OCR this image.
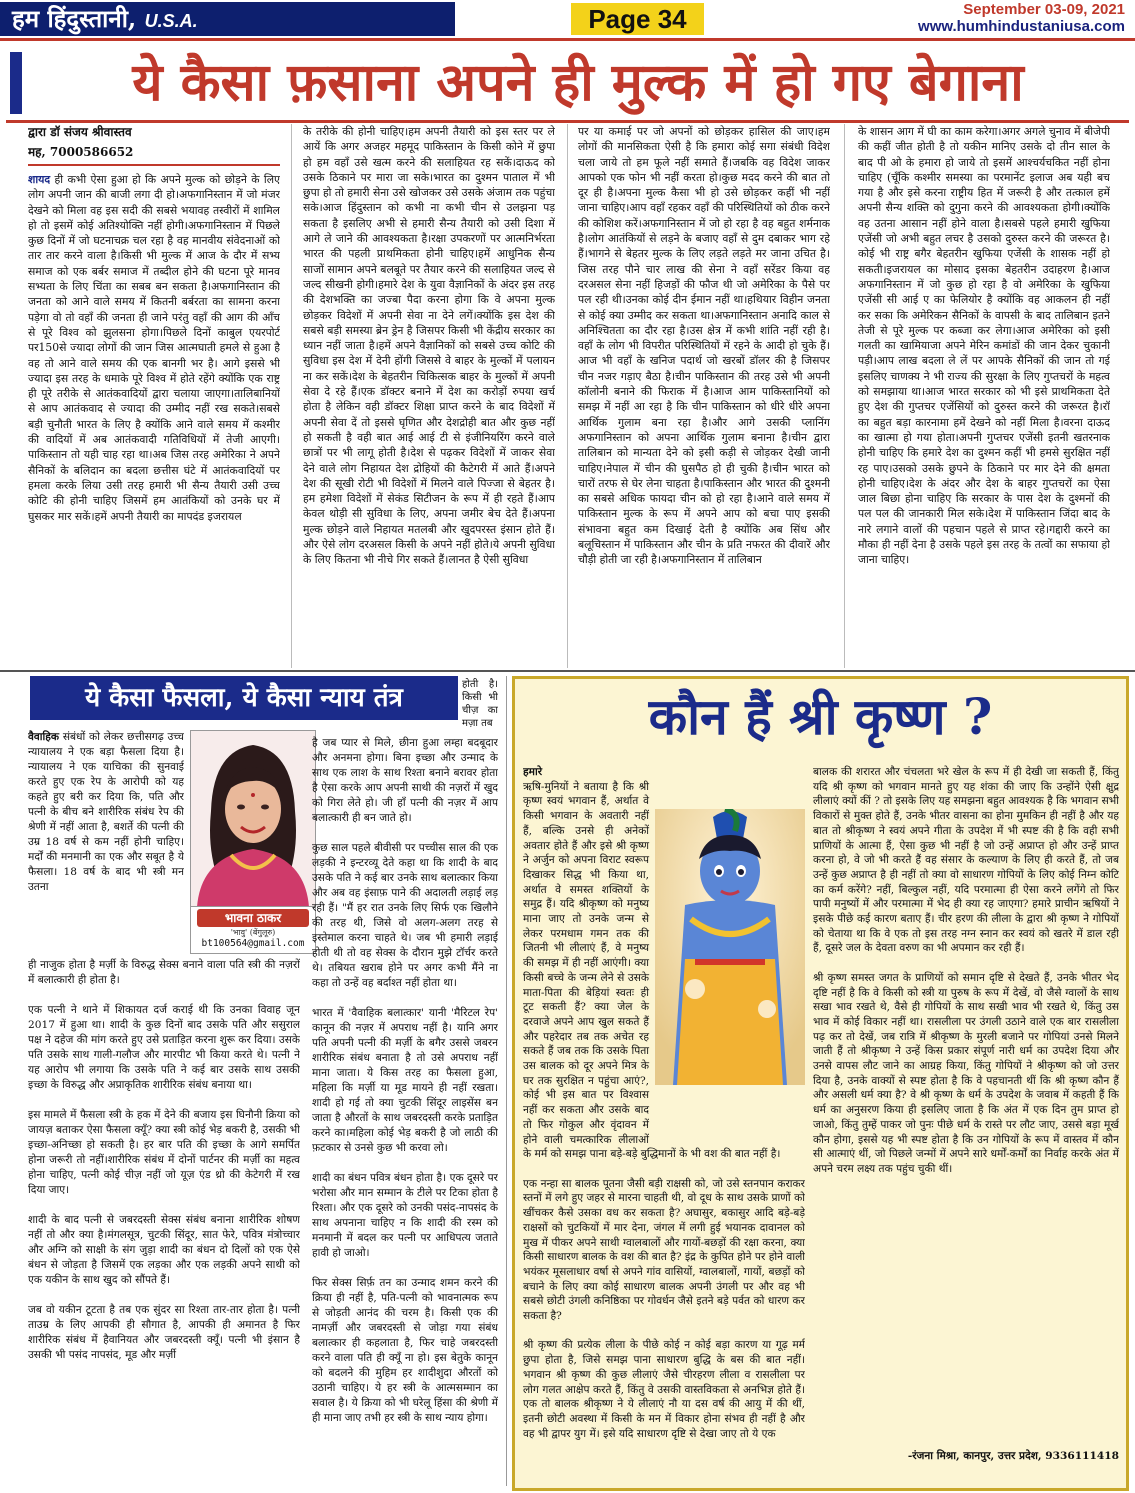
हम हिंदुस्तानी, U.S.A.	Page 34	September 03-09, 2021
www.humhindustaniusa.com
ये कैसा फ़साना अपने ही मुल्क में हो गए बेगाना
द्वारा डॉ संजय श्रीवास्तव
मह, 7000586652
शायद ही कभी ऐसा हुआ हो कि अपने मुल्क को छोड़ने के लिए लोग अपनी जान की बाजी लगा दी हो।अफगानिस्तान में जो मंजर देखने को मिला वह इस सदी की सबसे भयावह तस्वीरों में शामिल हो तो इसमें कोई अतिश्योक्ति नहीं होगी।अफगानिस्तान में पिछले कुछ दिनों में जो घटनाचक्र चल रहा है वह मानवीय संवेदनाओं को तार तार करने वाला है।किसी भी मुल्क में आज के दौर में सभ्य समाज को एक बर्बर समाज में तब्दील होने की घटना पूरे मानव सभ्यता के लिए चिंता का सबब बन सकता है।अफगानिस्तान की जनता को आने वाले समय में कितनी बर्बरता का सामना करना पड़ेगा वो तो वहाँ की जनता ही जाने परंतु वहाँ की आग की आँच से पूरे विश्व को झुलसना होगा।पिछले दिनों काबुल एयरपोर्ट पर150से ज्यादा लोगों की जान जिस आत्मघाती हमले से हुआ है वह तो आने वाले समय की एक बानगी भर है। आगे इससे भी ज्यादा इस तरह के धमाके पूरे विश्व में होते रहेंगे क्योंकि एक राष्ट्र ही पूरे तरीके से आतंकवादियों द्वारा चलाया जाएगा।तालिबानियों से आप आतंकवाद से ज्यादा की उम्मीद नहीं रख सकते।सबसे बड़ी चुनौती भारत के लिए है क्योंकि आने वाले समय में कश्मीर की वादियों में अब आतंकवादी गतिविधियों में तेजी आएगी।पाकिस्तान तो यही चाह रहा था।अब जिस तरह अमेरिका ने अपने सैनिकों के बलिदान का बदला छत्तीस घंटे में आतंकवादियों पर हमला करके लिया उसी तरह हमारी भी सैन्य तैयारी उसी उच्च कोटि की होनी चाहिए जिसमें हम आतंकियों को उनके घर में घुसकर मार सकें।हमें अपनी तैयारी का मापदंड इजरायल
के तरीके की होनी चाहिए।हम अपनी तैयारी को इस स्तर पर ले आयें कि अगर अजहर महमूद पाकिस्तान के किसी कोने में छुपा हो हम वहाँ उसे खत्म करने की सलाहियत रह सकें।दाऊद को उसके ठिकाने पर मारा जा सके।भारत का दुश्मन पाताल में भी छुपा हो तो हमारी सेना उसे खोजकर उसे उसके अंजाम तक पहुंचा सके।आज हिंदुस्तान को कभी ना कभी चीन से उलझना पड़ सकता है इसलिए अभी से हमारी सैन्य तैयारी को उसी दिशा में आगे ले जाने की आवश्यकता है।रक्षा उपकरणों पर आत्मनिर्भरता भारत की पहली प्राथमिकता होनी चाहिए।हमें आधुनिक सैन्य साजों सामान अपने बलबूते पर तैयार करने की सलाहियत जल्द से जल्द सीखनी होगी।हमारे देश के युवा वैज्ञानिकों के अंदर इस तरह की देशभक्ति का जज्बा पैदा करना होगा कि वे अपना मुल्क छोड़कर विदेशों में अपनी सेवा ना देने लगें।क्योंकि इस देश की सबसे बड़ी समस्या ब्रेन ड्रेन है जिसपर किसी भी केंद्रीय सरकार का ध्यान नहीं जाता है।हमें अपने वैज्ञानिकों को सबसे उच्च कोटि की सुविधा इस देश में देनी होंगी जिससे वे बाहर के मुल्कों में पलायन ना कर सकें।देश के बेहतरीन चिकित्सक बाहर के मुल्कों में अपनी सेवा दे रहे हैं।एक डॉक्टर बनाने में देश का करोड़ों रुपया खर्च होता है लेकिन वही डॉक्टर शिक्षा प्राप्त करने के बाद विदेशों में अपनी सेवा दें तो इससे घृणित और देशद्रोही बात और कुछ नहीं हो सकती है वही बात आई आई टी से इंजीनियरिंग करने वाले छात्रों पर भी लागू होती है।देश से पढ़कर विदेशों में जाकर सेवा देने वाले लोग निहायत देश द्रोहियों की कैटेगरी में आते हैं।अपने देश की सूखी रोटी भी विदेशों में मिलने वाले पिज्जा से बेहतर है।हम हमेशा विदेशों में सेकंड सिटीजन के रूप में ही रहते हैं।आप केवल थोड़ी सी सुविधा के लिए, अपना जमीर बेच देते हैं।अपना मुल्क छोड़ने वाले निहायत मतलबी और खुदपरस्त इंसान होते हैं।और ऐसे लोग दरअसल किसी के अपने नहीं होते।ये अपनी सुविधा के लिए कितना भी नीचे गिर सकते हैं।लानत है ऐसी सुविधा
पर या कमाई पर जो अपनों को छोड़कर हासिल की जाए।हम लोगों की मानसिकता ऐसी है कि हमारा कोई सगा संबंधी विदेश चला जाये तो हम फूले नहीं समाते हैं।जबकि वह विदेश जाकर आपको एक फोन भी नहीं करता हो।कुछ मदद करने की बात तो दूर ही है।अपना मुल्क कैसा भी हो उसे छोड़कर कहीं भी नहीं जाना चाहिए।आप वहाँ रहकर वहाँ की परिस्थितियों को ठीक करने की कोशिश करें।अफगानिस्तान में जो हो रहा है वह बहुत शर्मनाक है।लोग आतंकियों से लड़ने के बजाए वहाँ से दुम दबाकर भाग रहे हैं।भागने से बेहतर मुल्क के लिए लड़ते लड़ते मर जाना उचित है।जिस तरह पौने चार लाख की सेना ने वहाँ सरेंडर किया वह दरअसल सेना नहीं हिजड़ों की फौज थी जो अमेरिका के पैसे पर पल रही थी।उनका कोई दीन ईमान नहीं था।हथियार विहीन जनता से कोई क्या उम्मीद कर सकता था।अफगानिस्तान अनादि काल से अनिश्चितता का दौर रहा है।उस क्षेत्र में कभी शांति नहीं रही है।वहाँ के लोग भी विपरीत परिस्थितियों में रहने के आदी हो चुके हैं।आज भी वहाँ के खनिज पदार्थ जो खरबों डॉलर की है जिसपर चीन नजर गड़ाए बैठा है।चीन पाकिस्तान की तरह उसे भी अपनी कॉलोनी बनाने की फिराक में है।आज आम पाकिस्तानियों को समझ में नहीं आ रहा है कि चीन पाकिस्तान को धीरे धीरे अपना आर्थिक गुलाम बना रहा है।और आगे उसकी प्लानिंग अफगानिस्तान को अपना आर्थिक गुलाम बनाना है।चीन द्वारा तालिबान को मान्यता देने को इसी कड़ी से जोड़कर देखी जानी चाहिए।नेपाल में चीन की घुसपैठ हो ही चुकी है।चीन भारत को चारों तरफ से घेर लेना चाहता है।पाकिस्तान और भारत की दुश्मनी का सबसे अधिक फायदा चीन को हो रहा है।आने वाले समय में पाकिस्तान मुल्क के रूप में अपने आप को बचा पाए इसकी संभावना बहुत कम दिखाई देती है क्योंकि अब सिंध और बलूचिस्तान में पाकिस्तान और चीन के प्रति नफरत की दीवारें और चौड़ी होती जा रही है।अफगानिस्तान में तालिबान
के शासन आग में घी का काम करेगा।अगर अगले चुनाव में बीजेपी की कहीं जीत होती है तो यकीन मानिए उसके दो तीन साल के बाद पी ओ के हमारा हो जाये तो इसमें आश्चर्यचकित नहीं होना चाहिए (चूँकि कश्मीर समस्या का परमानेंट इलाज अब यही बच गया है और इसे करना राष्ट्रीय हित में जरूरी है और तत्काल हमें अपनी सैन्य शक्ति को दुगुना करने की आवश्यकता होगी।क्योंकि वह उतना आसान नहीं होने वाला है।सबसे पहले हमारी खुफिया एजेंसी जो अभी बहुत लचर है उसको दुरुस्त करने की जरूरत है।कोई भी राष्ट्र बगैर बेहतरीन खुफिया एजेंसी के शासक नहीं हो सकती।इजरायल का मोसाद इसका बेहतरीन उदाहरण है।आज अफगानिस्तान में जो कुछ हो रहा है वो अमेरिका के खुफिया एजेंसी सी आई ए का फेलियोर है क्योंकि वह आकलन ही नहीं कर सका कि अमेरिकन सैनिकों के वापसी के बाद तालिबान इतने तेजी से पूरे मुल्क पर कब्जा कर लेगा।आज अमेरिका को इसी गलती का खामियाजा अपने मेरिन कमांडों की जान देकर चुकानी पड़ी।आप लाख बदला ले लें पर आपके सैनिकों की जान तो गई इसलिए चाणक्य ने भी राज्य की सुरक्षा के लिए गुप्तचरों के महत्व को समझाया था।आज भारत सरकार को भी इसे प्राथमिकता देते हुए देश की गुप्तचर एजेंसियों को दुरुस्त करने की जरूरत है।रॉ का बहुत बड़ा कारनामा हमें देखने को नहीं मिला है।वरना दाऊद का खात्मा हो गया होता।अपनी गुप्तचर एजेंसी इतनी खतरनाक होनी चाहिए कि हमारे देश का दुश्मन कहीं भी हमसे सुरक्षित नहीं रह पाए।उसको उसके छुपने के ठिकाने पर मार देने की क्षमता होनी चाहिए।देश के अंदर और देश के बाहर गुप्तचरों का ऐसा जाल बिछा होना चाहिए कि सरकार के पास देश के दुश्मनों की पल पल की जानकारी मिल सके।देश में पाकिस्तान जिंदा बाद के नारे लगाने वालों की पहचान पहले से प्राप्त रहे।गद्दारी करने का मौका ही नहीं देना है उसके पहले इस तरह के तत्वों का सफाया हो जाना चाहिए।
ये कैसा फैसला, ये कैसा न्याय तंत्र	होती है। किसी भी चीज़ का मज़ा तब
वैवाहिक संबंधों को लेकर छत्तीसगढ़ उच्च न्यायालय ने एक बड़ा फैसला दिया है।न्यायालय ने एक याचिका की सुनवाई करते हुए एक रेप के आरोपी को यह कहते हुए बरी कर दिया कि, पति और पत्नी के बीच बने शारीरिक संबंध रेप की श्रेणी में नहीं आता है, बशर्ते की पत्नी की उम्र 18 वर्ष से कम नहीं होनी चाहिए। मर्दों की मनमानी का एक और सबूत है ये फैसला। 18 वर्ष के बाद भी स्त्री मन उतना
भावना ठाकर
'भावु' (बेंगुलूरु)
bt100564@gmail.com
ही नाजुक होता है मर्ज़ी के विरुद्ध सेक्स बनाने वाला पति स्त्री की नज़रों में बलात्कारी ही होता है।

एक पत्नी ने थाने में शिकायत दर्ज कराई थी कि उनका विवाह जून 2017 में हुआ था। शादी के कुछ दिनों बाद उसके पति और ससुराल पक्ष ने दहेज की मांग करते हुए उसे प्रताड़ित करना शुरू कर दिया। उसके पति उसके साथ गाली-गलौज और मारपीट भी किया करते थे। पत्नी ने यह आरोप भी लगाया कि उसके पति ने कई बार उसके साथ उसकी इच्छा के विरुद्ध और अप्राकृतिक शारीरिक संबंध बनाया था।

इस मामले में फैसला स्त्री के हक में देने की बजाय इस घिनौनी क्रिया को जायज़ बताकर ऐसा फैसला क्यूँ? क्या स्त्री कोई भेड़ बकरी है, उसकी भी इच्छा-अनिच्छा हो सकती है। हर बार पति की इच्छा के आगे समर्पित होना जरूरी तो नहीं।शारीरिक संबंध में दोनों पार्टनर की मर्ज़ी का महत्व होना चाहिए, पत्नी कोई चीज़ नहीं जो यूज़ एंड थ्रो की केटेगरी में रख दिया जाए।

शादी के बाद पत्नी से जबरदस्ती सेक्स संबंध बनाना शारीरिक शोषण नहीं तो और क्या है।मंगलसूत्र, चुटकी सिंदूर, सात फेरे, पवित्र मंत्रोच्चार और अग्नि को साक्षी के संग जुड़ा शादी का बंधन दो दिलों को एक ऐसे बंधन से जोड़ता है जिसमें एक लड़का और एक लड़की अपने साथी को एक यकीन के साथ खुद को सौंपते हैं।

जब वो यकीन टूटता है तब एक सुंदर सा रिश्ता तार-तार होता है। पत्नी ताउम्र के लिए आपकी ही सौगात है, आपकी ही अमानत है फिर शारीरिक संबंध में हैवानियत और जबरदस्ती क्यूँ। पत्नी भी इंसान है उसकी भी पसंद नापसंद, मूड और मर्ज़ी
है जब प्यार से मिले, छीना हुआ लम्हा बदबूदार और अनमना होगा। बिना इच्छा और उन्माद के साथ एक लाश के साथ रिश्ता बनाने बरावर होता है ऐसा करके आप अपनी साथी की नज़रों में खुद को गिरा लेते हो। जी हाँ पत्नी की नज़र में आप बलात्कारी ही बन जाते हो।

कुछ साल पहले बीवीसी पर पच्चीस साल की एक लड़की ने इन्टरव्यू देते कहा था कि शादी के बाद उसके पति ने कई बार उनके साथ बलात्कार किया और अब वह इंसाफ़ पाने की अदालती लड़ाई लड़ रही हैं। "मैं हर रात उनके लिए सिर्फ एक खिलौने की तरह थी, जिसे वो अलग-अलग तरह से इस्तेमाल करना चाहते थे। जब भी हमारी लड़ाई होती थी तो वह सेक्स के दौरान मुझे टॉर्चर करते थे। तबियत खराब होने पर अगर कभी मैंने ना कहा तो उन्हें वह बर्दाश्त नहीं होता था।

भारत में 'वैवाहिक बलात्कार' यानी 'मैरिटल रेप' कानून की नज़र में अपराध नहीं है। यानि अगर पति अपनी पत्नी की मर्ज़ी के बगैर उससे जबरन शारीरिक संबंध बनाता है तो उसे अपराध नहीं माना जाता। ये किस तरह का फैसला हुआ, महिला कि मर्ज़ी या मूड मायने ही नहीं रखता। शादी हो गई तो क्या चुटकी सिंदूर लाइसेंस बन जाता है औरतों के साथ जबरदस्ती करके प्रताड़ित करने का।महिला कोई भेड़ बकरी है जो लाठी की फ़टकार से उनसे कुछ भी करवा लो।

शादी का बंधन पवित्र बंधन होता है। एक दूसरे पर भरोसा और मान सम्मान के टीले पर टिका होता है रिश्ता। और एक दूसरे को उनकी पसंद-नापसंद के साथ अपनाना चाहिए न कि शादी की रस्म को मनमानी में बदल कर पत्नी पर आधिपत्य जताते हावी हो जाओ।

फिर सेक्स सिर्फ़ तन का उन्माद शमन करने की क्रिया ही नहीं है, पति-पत्नी को भावनात्मक रूप से जोड़ती आनंद की चरम है। किसी एक की नामर्ज़ी और जबरदस्ती से जोड़ा गया संबंध बलात्कार ही कहलाता है, फिर चाहे जबरदस्ती करने वाला पति ही क्यूँ ना हो। इस बेतुके कानून को बदलने की मुहिम हर शादीशुदा औरतों को उठानी चाहिए। ये हर स्त्री के आत्मसम्मान का सवाल है। ये क्रिया को भी घरेलू हिंसा की श्रेणी में ही माना जाए तभी हर स्त्री के साथ न्याय होगा।
कौन हैं श्री कृष्ण ?
हमारे
ऋषि-मुनियों ने बताया है कि श्री कृष्ण स्वयं भगवान हैं, अर्थात वे किसी भगवान के अवतारी नहीं हैं, बल्कि उनसे ही अनेकों अवतार होते हैं और इसे श्री कृष्ण ने अर्जुन को अपना विराट स्वरूप दिखाकर सिद्ध भी किया था, अर्थात वे समस्त शक्तियों के समुद्र हैं। यदि श्रीकृष्ण को मनुष्य माना जाए तो उनके जन्म से लेकर परमधाम गमन तक की जितनी भी लीलाएं हैं, वे मनुष्य की समझ में ही नहीं आएंगी। क्या किसी बच्चे के जन्म लेने से उसके माता-पिता की बेड़ियां स्वतः ही टूट सकती हैं? क्या जेल के दरवाजे अपने आप खुल सकते हैं और पहरेदार तब तक अचेत रह सकते हैं जब तक कि उसके पिता उस बालक को दूर अपने मित्र के घर तक सुरक्षित न पहुंचा आएं?, कोई भी इस बात पर विश्वास नहीं कर सकता और उसके बाद तो फिर गोकुल और वृंदावन में होने वाली चमत्कारिक लीलाओं के मर्म को समझ पाना बड़े-बड़े बुद्धिमानों के भी वश की बात नहीं है।

एक नन्हा सा बालक पूतना जैसी बड़ी राक्षसी को, जो उसे स्तनपान कराकर स्तनों में लगे हुए जहर से मारना चाहती थी, वो दूध के साथ उसके प्राणों को खींचकर कैसे उसका वध कर सकता है? अघासुर, बकासुर आदि बड़े-बड़े राक्षसों को चुटकियों में मार देना, जंगल में लगी हुई भयानक दावानल को मुख में पीकर अपने साथी ग्वालबालों और गायों-बछड़ों की रक्षा करना, क्या किसी साधारण बालक के वश की बात है? इंद्र के कुपित होने पर होने वाली भयंकर मूसलाधार वर्षा से अपने गांव वासियों, ग्वालबालों, गायों, बछड़ों को बचाने के लिए क्या कोई साधारण बालक अपनी उंगली पर और वह भी सबसे छोटी उंगली कनिष्ठिका पर गोवर्धन जैसे इतने बड़े पर्वत को धारण कर सकता है?

श्री कृष्ण की प्रत्येक लीला के पीछे कोई न कोई बड़ा कारण या गूढ़ मर्म छुपा होता है, जिसे समझ पाना साधारण बुद्धि के बस की बात नहीं। भगवान श्री कृष्ण की कुछ लीलाएं जैसे चीरहरण लीला व रासलीला पर लोग गलत आक्षेप करते हैं, किंतु वे उसकी वास्तविकता से अनभिज्ञ होते हैं। एक तो बालक श्रीकृष्ण ने ये लीलाएं नौ या दस वर्ष की आयु में की थीं, इतनी छोटी अवस्था में किसी के मन में विकार होना संभव ही नहीं है और वह भी द्वापर युग में। इसे यदि साधारण दृष्टि से देखा जाए तो ये एक

बालक की शरारत और चंचलता भरे खेल के रूप में ही देखी जा सकती हैं, किंतु यदि श्री कृष्ण को भगवान मानते हुए यह शंका की जाए कि उन्होंने ऐसी क्षुद्र लीलाएं क्यों कीं ? तो इसके लिए यह समझना बहुत आवश्यक है कि भगवान सभी विकारों से मुक्त होते हैं, उनके भीतर वासना का होना मुमकिन ही नहीं है और यह बात तो श्रीकृष्ण ने स्वयं अपने गीता के उपदेश में भी स्पष्ट की है कि वही सभी प्राणियों के आत्मा हैं, ऐसा कुछ भी नहीं है जो उन्हें अप्राप्त हो और उन्हें प्राप्त करना हो, वे जो भी करते हैं वह संसार के कल्याण के लिए ही करते हैं, तो जब उन्हें कुछ अप्राप्त है ही नहीं तो क्या वो साधारण गोपियों के लिए कोई निम्न कोटि का कर्म करेंगे? नहीं, बिल्कुल नहीं, यदि परमात्मा ही ऐसा करने लगेंगे तो फिर पापी मनुष्यों में और परमात्मा में भेद ही क्या रह जाएगा? हमारे प्राचीन ऋषियों ने इसके पीछे कई कारण बताए हैं। चीर हरण की लीला के द्वारा श्री कृष्ण ने गोपियों को चेताया था कि वे एक तो इस तरह नग्न स्नान कर स्वयं को खतरे में डाल रही हैं, दूसरे जल के देवता वरुण का भी अपमान कर रही हैं।

श्री कृष्ण समस्त जगत के प्राणियों को समान दृष्टि से देखते हैं, उनके भीतर भेद दृष्टि नहीं है कि वे किसी को स्त्री या पुरुष के रूप में देखें, वो जैसे ग्वालों के साथ सखा भाव रखते थे, वैसे ही गोपियों के साथ सखी भाव भी रखते थे, किंतु उस भाव में कोई विकार नहीं था। रासलीला पर उंगली उठाने वाले एक बार रासलीला पढ़ कर तो देखें, जब रात्रि में श्रीकृष्ण के मुरली बजाने पर गोपियां उनसे मिलने जाती हैं तो श्रीकृष्ण ने उन्हें किस प्रकार संपूर्ण नारी धर्म का उपदेश दिया और उनसे वापस लौट जाने का आग्रह किया, किंतु गोपियों ने श्रीकृष्ण को जो उत्तर दिया है, उनके वाक्यों से स्पष्ट होता है कि वे पहचानती थीं कि श्री कृष्ण कौन हैं और असली धर्म क्या है? वे श्री कृष्ण के धर्म के उपदेश के जवाब में कहती हैं कि धर्म का अनुसरण किया ही इसलिए जाता है कि अंत में एक दिन तुम प्राप्त हो जाओ, किंतु तुम्हें पाकर जो पुनः पीछे धर्म के रास्ते पर लौट जाए, उससे बड़ा मूर्ख कौन होगा, इससे यह भी स्पष्ट होता है कि उन गोपियों के रूप में वास्तव में कौन सी आत्माएं थीं, जो पिछले जन्मों में अपने सारे धर्मों-कर्मों का निर्वाह करके अंत में अपने चरम लक्ष्य तक पहुंच चुकी थीं।
-रंजना मिश्रा, कानपुर, उत्तर प्रदेश, 9336111418
